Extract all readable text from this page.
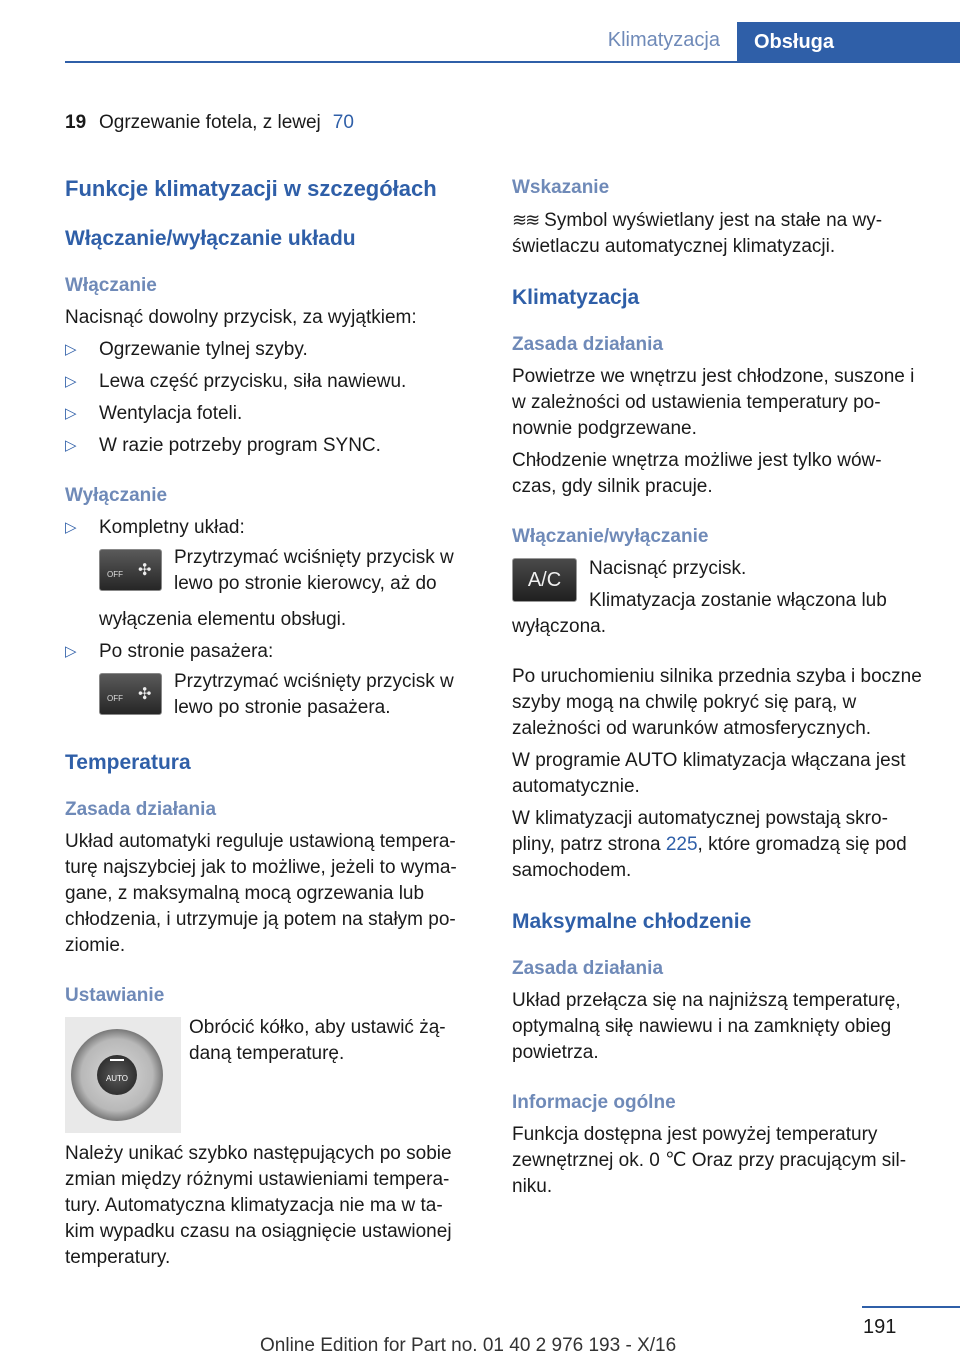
Klimatyzacja	Obsługa
19 Ogrzewanie fotela, z lewej 70
Funkcje klimatyzacji w szczegółach
Włączanie/wyłączanie układu
Włączanie

Nacisnąć dowolny przycisk, za wyjątkiem:

▷ Ogrzewanie tylnej szyby.
▷ Lewa część przycisku, siła nawiewu.
▷ Wentylacja foteli.
▷ W razie potrzeby program SYNC.
Wyłączanie
▷ Kompletny układ:
OFF ✣
Przytrzymać wciśnięty przycisk w lewo po stronie kierowcy, aż do
wyłączenia elementu obsługi.
▷ Po stronie pasażera:
OFF ✣
Przytrzymać wciśnięty przycisk w lewo po stronie pasażera.
Temperatura
Zasada działania

Układ automatyki reguluje ustawioną tempera- turę najszybciej jak to możliwe, jeżeli to wyma- gane, z maksymalną mocą ogrzewania lub chłodzenia, i utrzymuje ją potem na stałym po- ziomie.

Ustawianie
AUTO

Obrócić kółko, aby ustawić żą- daną temperaturę.

Należy unikać szybko następujących po sobie zmian między różnymi ustawieniami tempera- tury. Automatyczna klimatyzacja nie ma w ta- kim wypadku czasu na osiągnięcie ustawionej temperatury.

Wskazanie

≋≋ Symbol wyświetlany jest na stałe na wy- świetlaczu automatycznej klimatyzacji.

Klimatyzacja
Zasada działania

Powietrze we wnętrzu jest chłodzone, suszone i w zależności od ustawienia temperatury po- nownie podgrzewane.

Chłodzenie wnętrza możliwe jest tylko wów- czas, gdy silnik pracuje.

Włączanie/wyłączanie
A/C

Nacisnąć przycisk.

Klimatyzacja zostanie włączona lub wyłączona.

Po uruchomieniu silnika przednia szyba i boczne szyby mogą na chwilę pokryć się parą, w zależności od warunków atmosferycznych.

W programie AUTO klimatyzacja włączana jest automatycznie.

W klimatyzacji automatycznej powstają skro- pliny, patrz strona 225, które gromadzą się pod samochodem.

Maksymalne chłodzenie
Zasada działania

Układ przełącza się na najniższą temperaturę, optymalną siłę nawiewu i na zamknięty obieg powietrza.

Informacje ogólne

Funkcja dostępna jest powyżej temperatury zewnętrznej ok. 0 ℃ Oraz przy pracującym sil- niku.

191
Online Edition for Part no. 01 40 2 976 193 - X/16
